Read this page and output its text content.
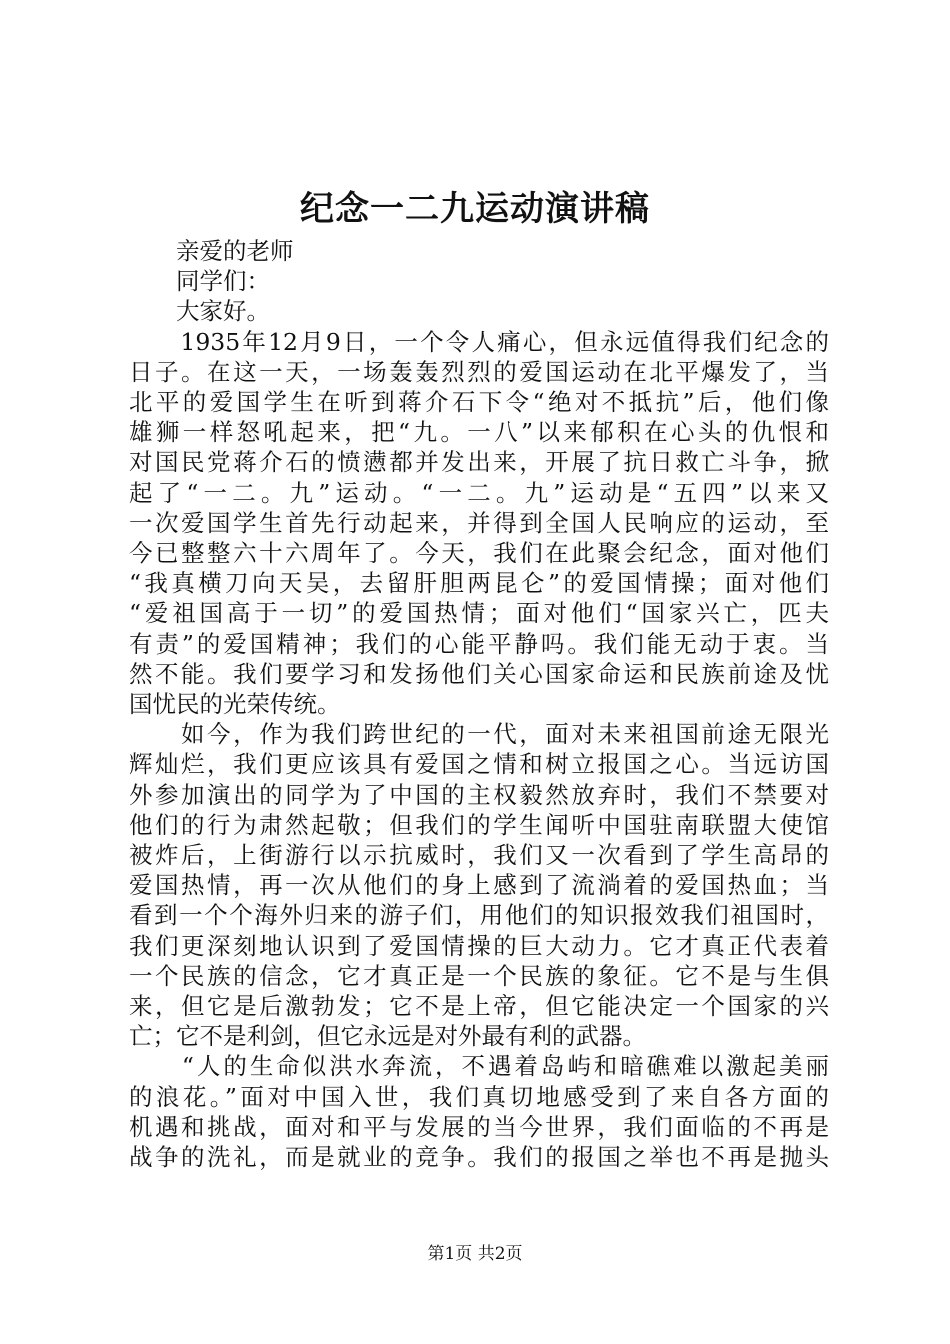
纪念一二九运动演讲稿
　　亲爱的老师
　　同学们：
　　大家好。
　　1935年12月9日，一个令人痛心，但永远值得我们纪念的
日子。在这一天，一场轰轰烈烈的爱国运动在北平爆发了，当
北平的爱国学生在听到蒋介石下令“绝对不抵抗”后，他们像
雄狮一样怒吼起来，把“九。一八”以来郁积在心头的仇恨和
对国民党蒋介石的愤懑都并发出来，开展了抗日救亡斗争，掀
起了“一二。九”运动。“一二。九”运动是“五四”以来又
一次爱国学生首先行动起来，并得到全国人民响应的运动，至
今已整整六十六周年了。今天，我们在此聚会纪念，面对他们
“我真横刀向天吴，去留肝胆两昆仑”的爱国情操；面对他们
“爱祖国高于一切”的爱国热情；面对他们“国家兴亡，匹夫
有责”的爱国精神；我们的心能平静吗。我们能无动于衷。当
然不能。我们要学习和发扬他们关心国家命运和民族前途及忧
国忧民的光荣传统。
　　如今，作为我们跨世纪的一代，面对未来祖国前途无限光
辉灿烂，我们更应该具有爱国之情和树立报国之心。当远访国
外参加演出的同学为了中国的主权毅然放弃时，我们不禁要对
他们的行为肃然起敬；但我们的学生闻听中国驻南联盟大使馆
被炸后，上街游行以示抗威时，我们又一次看到了学生高昂的
爱国热情，再一次从他们的身上感到了流淌着的爱国热血；当
看到一个个海外归来的游子们，用他们的知识报效我们祖国时，
我们更深刻地认识到了爱国情操的巨大动力。它才真正代表着
一个民族的信念，它才真正是一个民族的象征。它不是与生俱
来，但它是后激勃发；它不是上帝，但它能决定一个国家的兴
亡；它不是利剑，但它永远是对外最有利的武器。
　　“人的生命似洪水奔流，不遇着岛屿和暗礁难以激起美丽
的浪花。”面对中国入世，我们真切地感受到了来自各方面的
机遇和挑战，面对和平与发展的当今世界，我们面临的不再是
战争的洗礼，而是就业的竞争。我们的报国之举也不再是抛头
第1页 共2页
